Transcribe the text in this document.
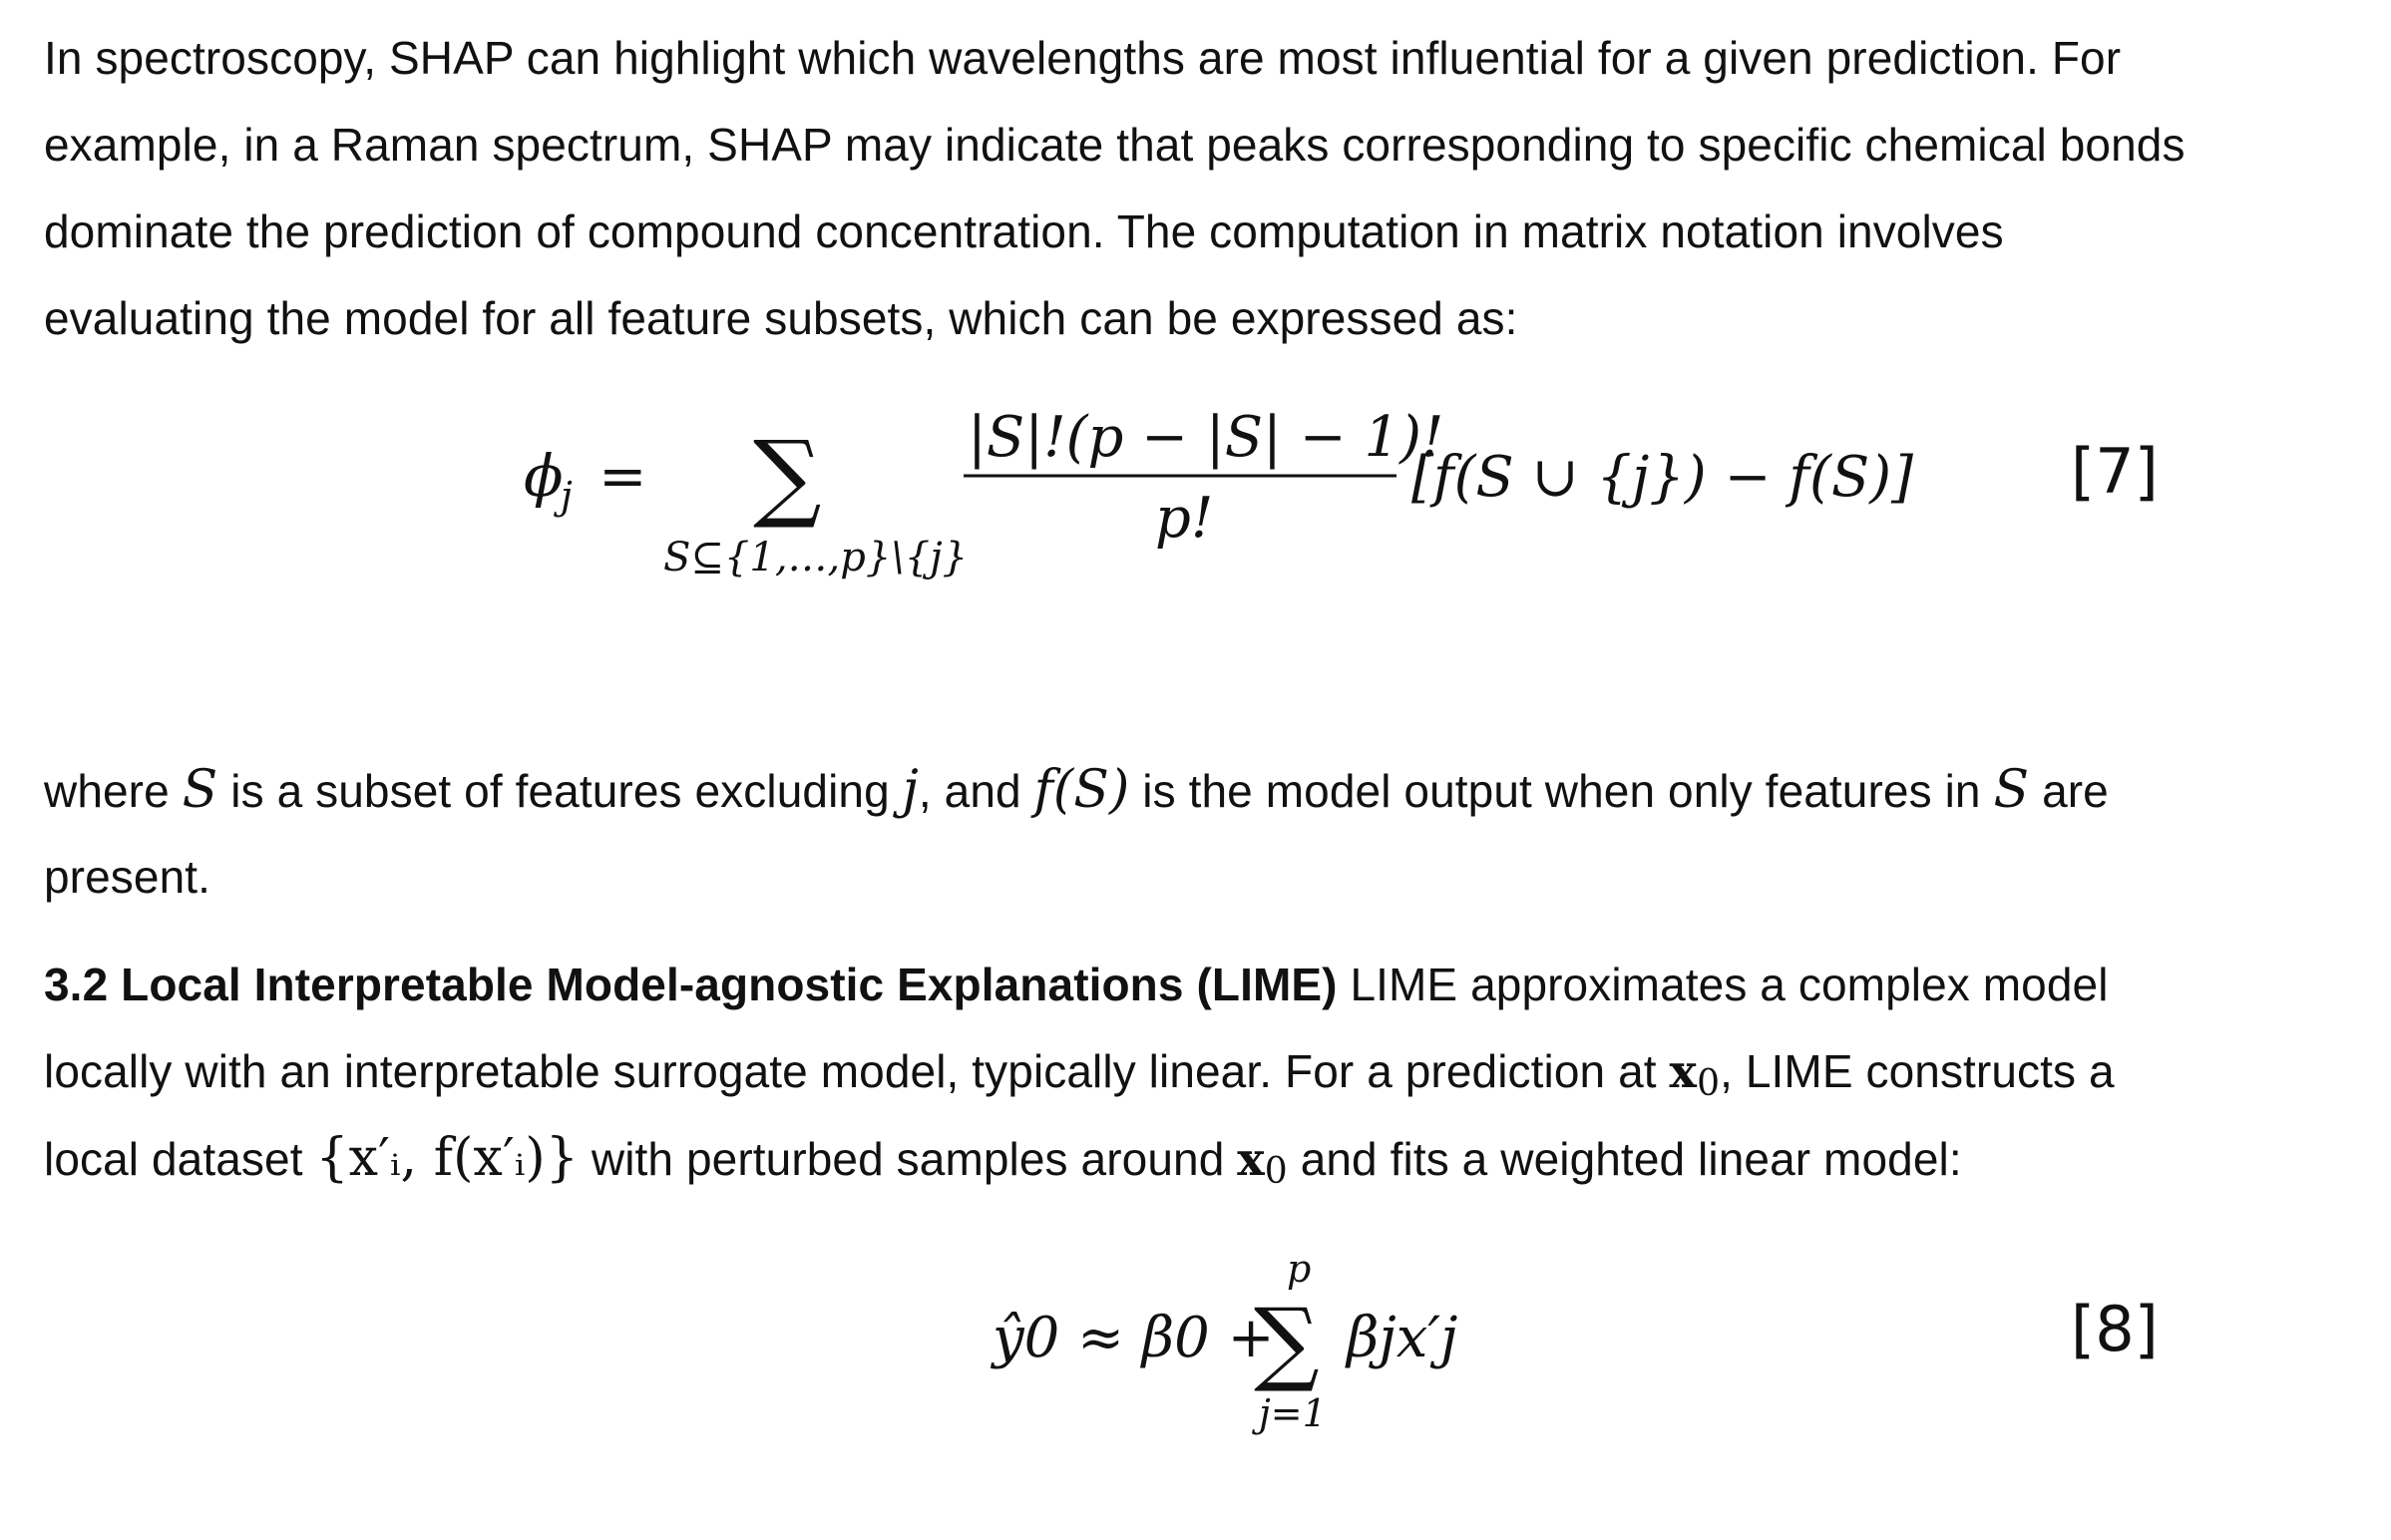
In spectroscopy, SHAP can highlight which wavelengths are most influential for a given prediction. For
example, in a Raman spectrum, SHAP may indicate that peaks corresponding to specific chemical bonds
dominate the prediction of compound concentration. The computation in matrix notation involves
evaluating the model for all feature subsets, which can be expressed as:
ϕ
j = ∑
S⊆{1,…,p}\{j}
|S|!(p − |S| − 1)!
p!
[f(S ∪ {j}) − f(S)]	[7]
where S is a subset of features excluding j, and f(S) is the model output when only features in S are
present.
3.2 Local Interpretable Model-agnostic Explanations (LIME) LIME approximates a complex model
locally with an interpretable surrogate model, typically linear. For a prediction at x0, LIME constructs a
local dataset {x′ᵢ, f(x′ᵢ)} with perturbed samples around x0 and fits a weighted linear model:
ŷ0 ≈ β0 +
∑
p
j=1
βjx′j	[8]
